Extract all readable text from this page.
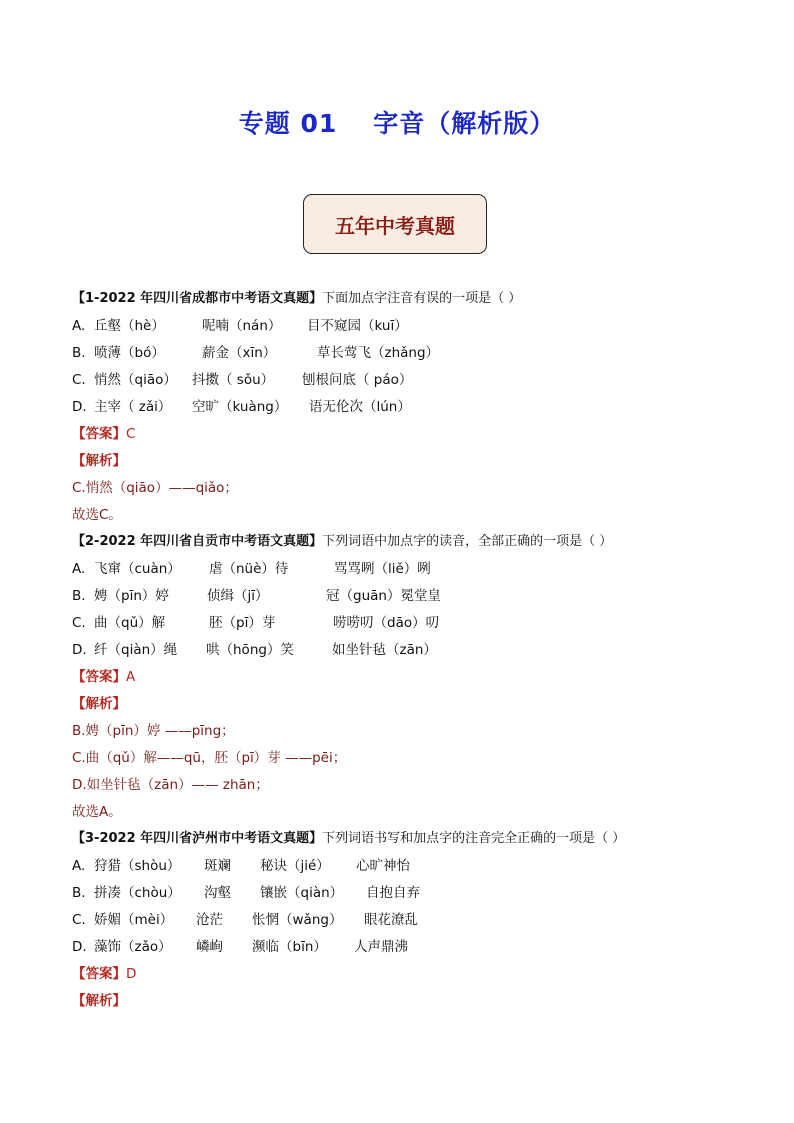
专题 01 字音（解析版）
五年中考真题
【1-2022 年四川省成都市中考语文真题】下面加点字注音有误的一项是（ ）
A. 丘壑（hè）	呢喃（nán） 目不窥园（kuī）
B. 喷薄（bó）	薪金（xīn）	草长莺飞（zhǎng）
C. 悄然（qiāo） 抖擞（ sǒu） 刨根问底（ páo）
D. 主宰（ zǎi） 空旷（kuàng） 语无伦次（lún）
【答案】C
【解析】
C.悄然（qiāo）——qiǎo；
故选C。
【2-2022 年四川省自贡市中考语文真题】下列词语中加点字的读音，全部正确的一项是（ ）
A. 飞窜（cuàn） 虐（nüè）待	骂骂咧（liě）咧
B. 娉（pīn）婷	侦缉（jī）	冠（guān）冕堂皇
C. 曲（qǔ）解	胚（pī）芽	唠唠叨（dāo）叨
D. 纤（qiàn）绳 哄（hōng）笑	如坐针毡（zān）
【答案】A
【解析】
B.娉（pīn）婷 ——pīng；
C.曲（qǔ）解——qū，胚（pī）芽 ——pēi；
D.如坐针毡（zān）—— zhān；
故选A。
【3-2022 年四川省泸州市中考语文真题】下列词语书写和加点字的注音完全正确的一项是（ ）
A. 狩猎（shòu） 斑斓 秘诀（jié） 心旷神怡
B. 拼凑（chòu） 沟壑 镶嵌（qiàn） 自抱自弃
C. 娇媚（mèi） 沧茫 怅惘（wǎng） 眼花潦乱
D. 藻饰（zǎo） 嶙峋 濒临（bīn） 人声鼎沸
【答案】D
【解析】
